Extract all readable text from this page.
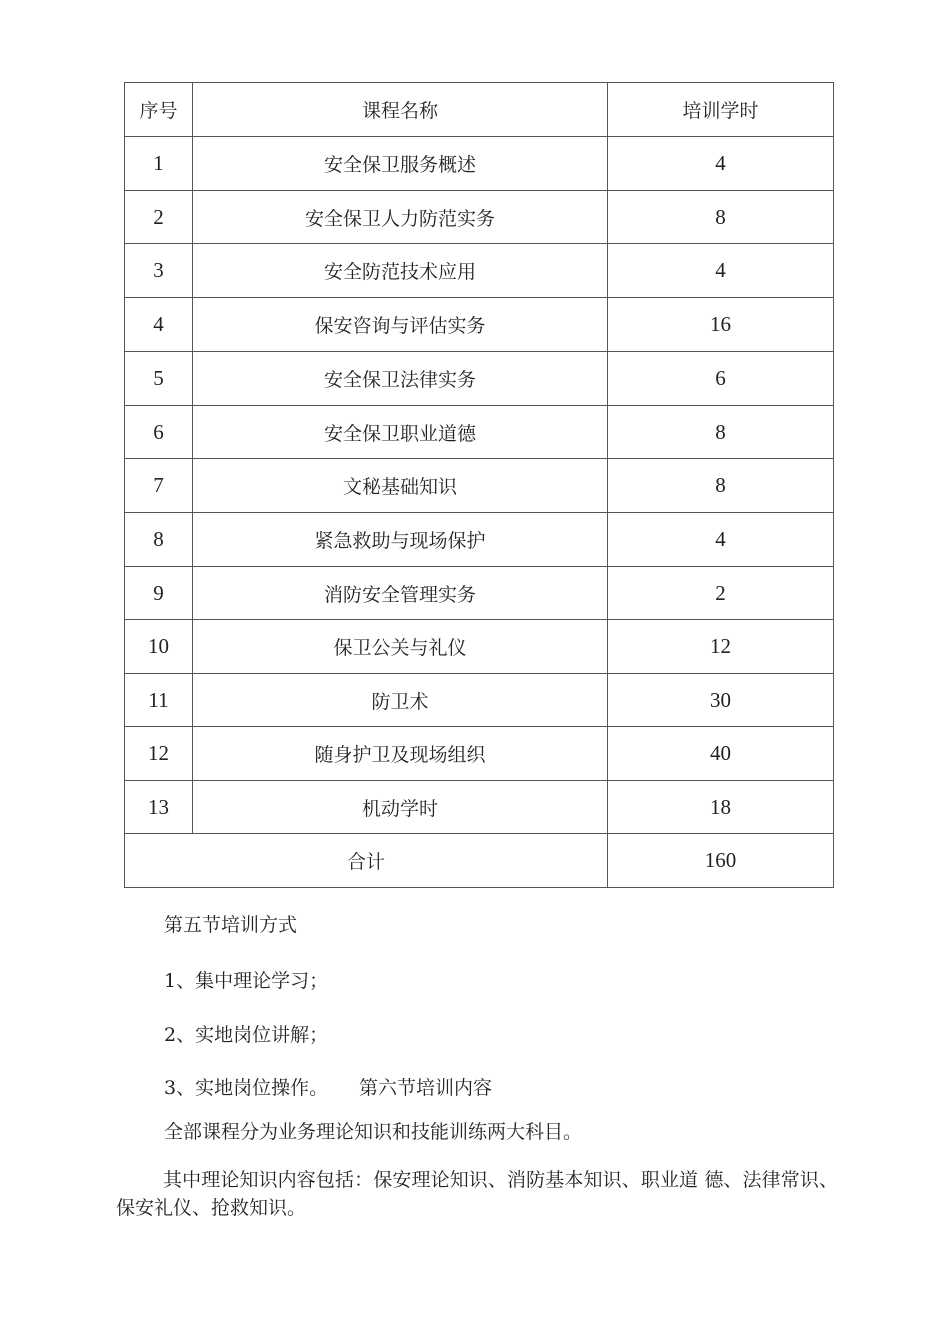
序号	课程名称	培训学时
1	安全保卫服务概述	4
2	安全保卫人力防范实务	8
3	安全防范技术应用	4
4	保安咨询与评估实务	16
5	安全保卫法律实务	6
6	安全保卫职业道德	8
7	文秘基础知识	8
8	紧急救助与现场保护	4
9	消防安全管理实务	2
10	保卫公关与礼仪	12
11	防卫术	30
12	随身护卫及现场组织	40
13	机动学时	18
合计		160

第五节培训方式

1、集中理论学习；

2、实地岗位讲解；

3、实地岗位操作。 第六节培训内容

全部课程分为业务理论知识和技能训练两大科目。

其中理论知识内容包括：保安理论知识、消防基本知识、职业道 德、法律常识、保安礼仪、抢救知识。
